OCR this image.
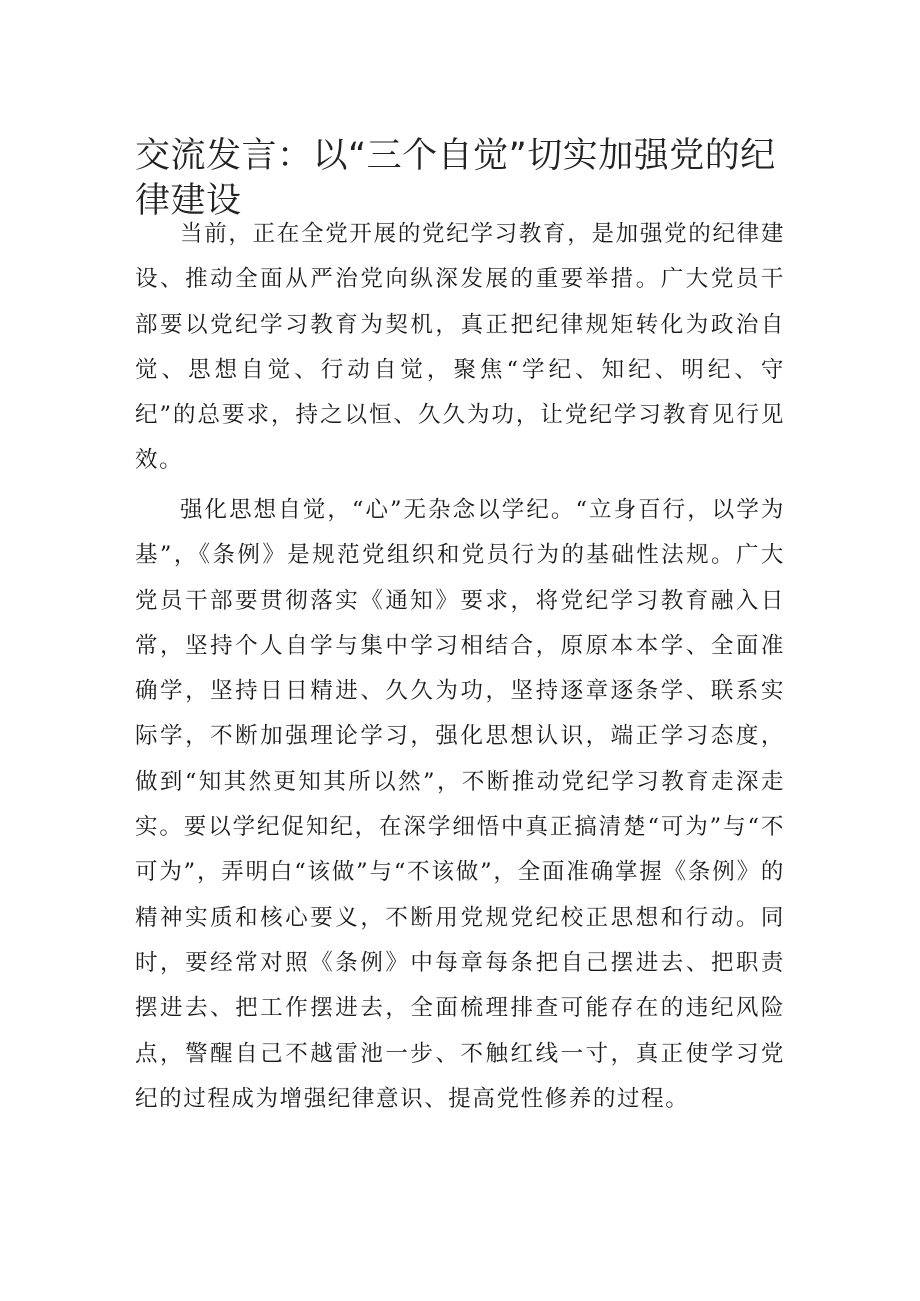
交流发言：以“三个自觉”切实加强党的纪律建设

当前，正在全党开展的党纪学习教育，是加强党的纪律建设、推动全面从严治党向纵深发展的重要举措。广大党员干部要以党纪学习教育为契机，真正把纪律规矩转化为政治自觉、思想自觉、行动自觉，聚焦“学纪、知纪、明纪、守纪”的总要求，持之以恒、久久为功，让党纪学习教育见行见效。

强化思想自觉，“心”无杂念以学纪。“立身百行，以学为基”，《条例》是规范党组织和党员行为的基础性法规。广大党员干部要贯彻落实《通知》要求，将党纪学习教育融入日常，坚持个人自学与集中学习相结合，原原本本学、全面准确学，坚持日日精进、久久为功，坚持逐章逐条学、联系实际学，不断加强理论学习，强化思想认识，端正学习态度，做到“知其然更知其所以然”，不断推动党纪学习教育走深走实。要以学纪促知纪，在深学细悟中真正搞清楚“可为”与“不可为”，弄明白“该做”与“不该做”，全面准确掌握《条例》的精神实质和核心要义，不断用党规党纪校正思想和行动。同时，要经常对照《条例》中每章每条把自己摆进去、把职责摆进去、把工作摆进去，全面梳理排查可能存在的违纪风险点，警醒自己不越雷池一步、不触红线一寸，真正使学习党纪的过程成为增强纪律意识、提高党性修养的过程。
